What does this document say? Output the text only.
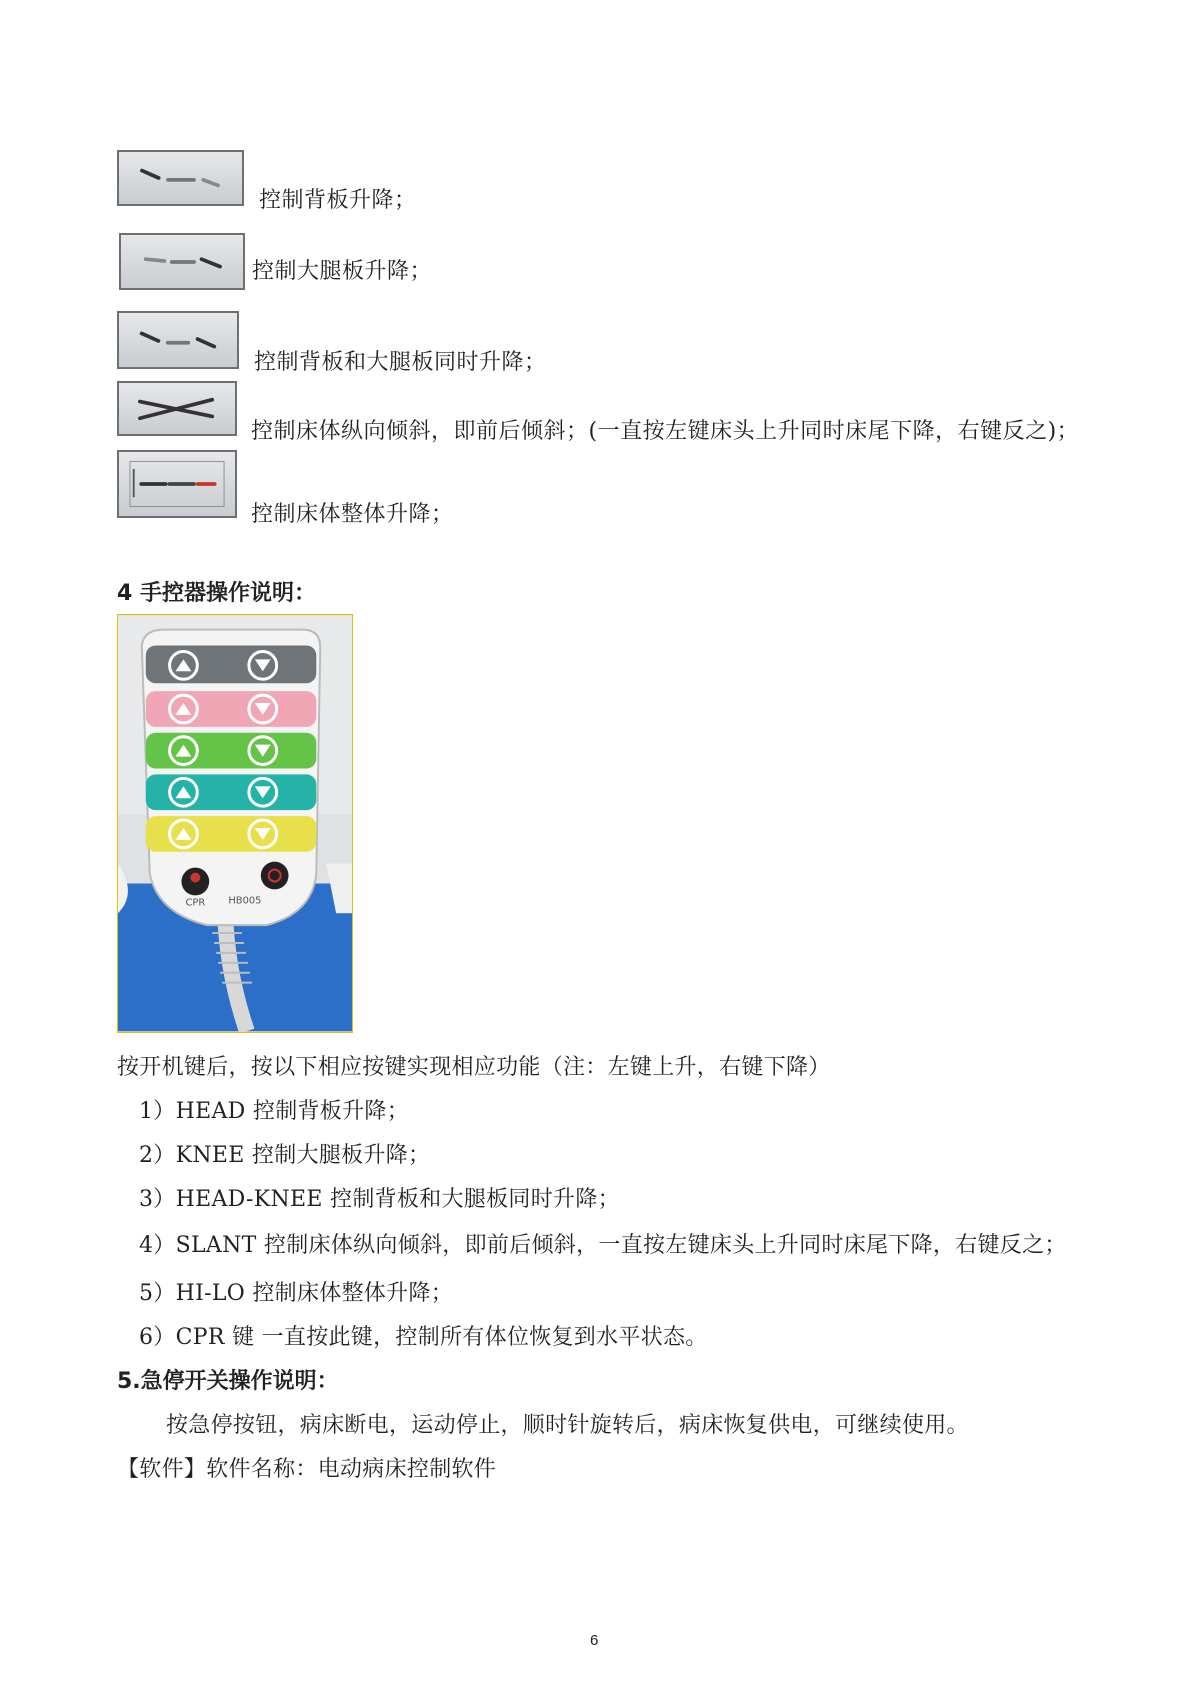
控制背板升降；
控制大腿板升降；
控制背板和大腿板同时升降；
控制床体纵向倾斜，即前后倾斜；(一直按左键床头上升同时床尾下降，右键反之)；
控制床体整体升降；
4 手控器操作说明：
CPR HB005
按开机键后，按以下相应按键实现相应功能（注：左键上升，右键下降）
1）HEAD 控制背板升降；
2）KNEE 控制大腿板升降；
3）HEAD-KNEE 控制背板和大腿板同时升降；
4）SLANT 控制床体纵向倾斜，即前后倾斜，一直按左键床头上升同时床尾下降，右键反之；
5）HI-LO 控制床体整体升降；
6）CPR 键 一直按此键，控制所有体位恢复到水平状态。
5.急停开关操作说明：
按急停按钮，病床断电，运动停止，顺时针旋转后，病床恢复供电，可继续使用。
【软件】软件名称：电动病床控制软件
6
